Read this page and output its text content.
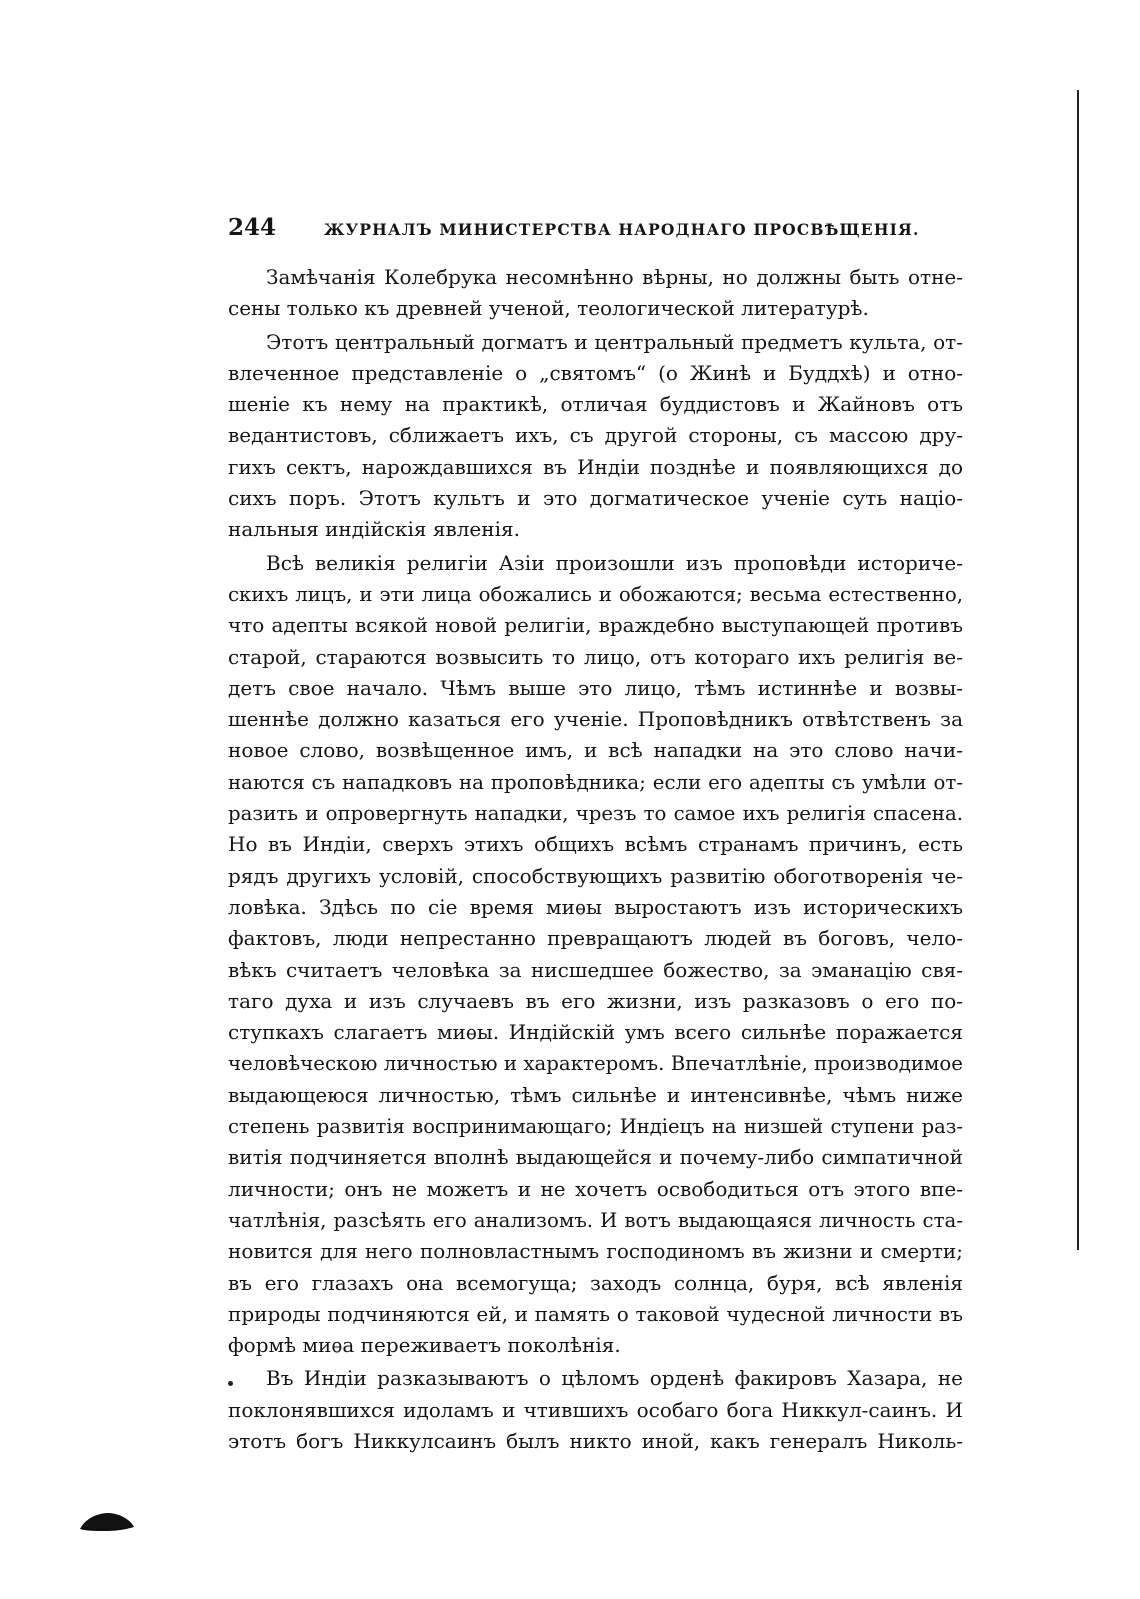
244	ЖУРНАЛЪ МИНИСТЕРСТВА НАРОДНАГО ПРОСВѢЩЕНІЯ.
Замѣчанія Колебрука несомнѣнно вѣрны, но должны быть отне-
сены только къ древней ученой, теологической литературѣ.
Этотъ центральный догматъ и центральный предметъ культа, от-
влеченное представленіе о „святомъ“ (о Жинѣ и Буддхѣ) и отно-
шеніе къ нему на практикѣ, отличая буддистовъ и Жайновъ отъ
ведантистовъ, сближаетъ ихъ, съ другой стороны, съ массою дру-
гихъ сектъ, нарождавшихся въ Индіи позднѣе и появляющихся до
сихъ поръ. Этотъ культъ и это догматическое ученіе суть націо-
нальныя индійскія явленія.
Всѣ великія религіи Азіи произошли изъ проповѣди историче-
скихъ лицъ, и эти лица обожались и обожаются; весьма естественно,
что адепты всякой новой религіи, враждебно выступающей противъ
старой, стараются возвысить то лицо, отъ котораго ихъ религія ве-
детъ свое начало. Чѣмъ выше это лицо, тѣмъ истиннѣе и возвы-
шеннѣе должно казаться его ученіе. Проповѣдникъ отвѣтственъ за
новое слово, возвѣщенное имъ, и всѣ нападки на это слово начи-
наются съ нападковъ на проповѣдника; если его адепты съ умѣли от-
разить и опровергнуть нападки, чрезъ то самое ихъ религія спасена.
Но въ Индіи, сверхъ этихъ общихъ всѣмъ странамъ причинъ, есть
рядъ другихъ условій, способствующихъ развитію обоготворенія че-
ловѣка. Здѣсь по сіе время миѳы выростаютъ изъ историческихъ
фактовъ, люди непрестанно превращаютъ людей въ боговъ, чело-
вѣкъ считаетъ человѣка за нисшедшее божество, за эманацію свя-
таго духа и изъ случаевъ въ его жизни, изъ разказовъ о его по-
ступкахъ слагаетъ миѳы. Индійскій умъ всего сильнѣе поражается
человѣческою личностью и характеромъ. Впечатлѣніе, производимое
выдающеюся личностью, тѣмъ сильнѣе и интенсивнѣе, чѣмъ ниже
степень развитія воспринимающаго; Индіецъ на низшей ступени раз-
витія подчиняется вполнѣ выдающейся и почему-либо симпатичной
личности; онъ не можетъ и не хочетъ освободиться отъ этого впе-
чатлѣнія, разсѣять его анализомъ. И вотъ выдающаяся личность ста-
новится для него полновластнымъ господиномъ въ жизни и смерти;
въ его глазахъ она всемогуща; заходъ солнца, буря, всѣ явленія
природы подчиняются ей, и память о таковой чудесной личности въ
формѣ миѳа переживаетъ поколѣнія.
Въ Индіи разказываютъ о цѣломъ орденѣ факировъ Хазара, не
поклонявшихся идоламъ и чтившихъ особаго бога Никкул-саинъ. И
этотъ богъ Никкулсаинъ былъ никто иной, какъ генералъ Николь-
